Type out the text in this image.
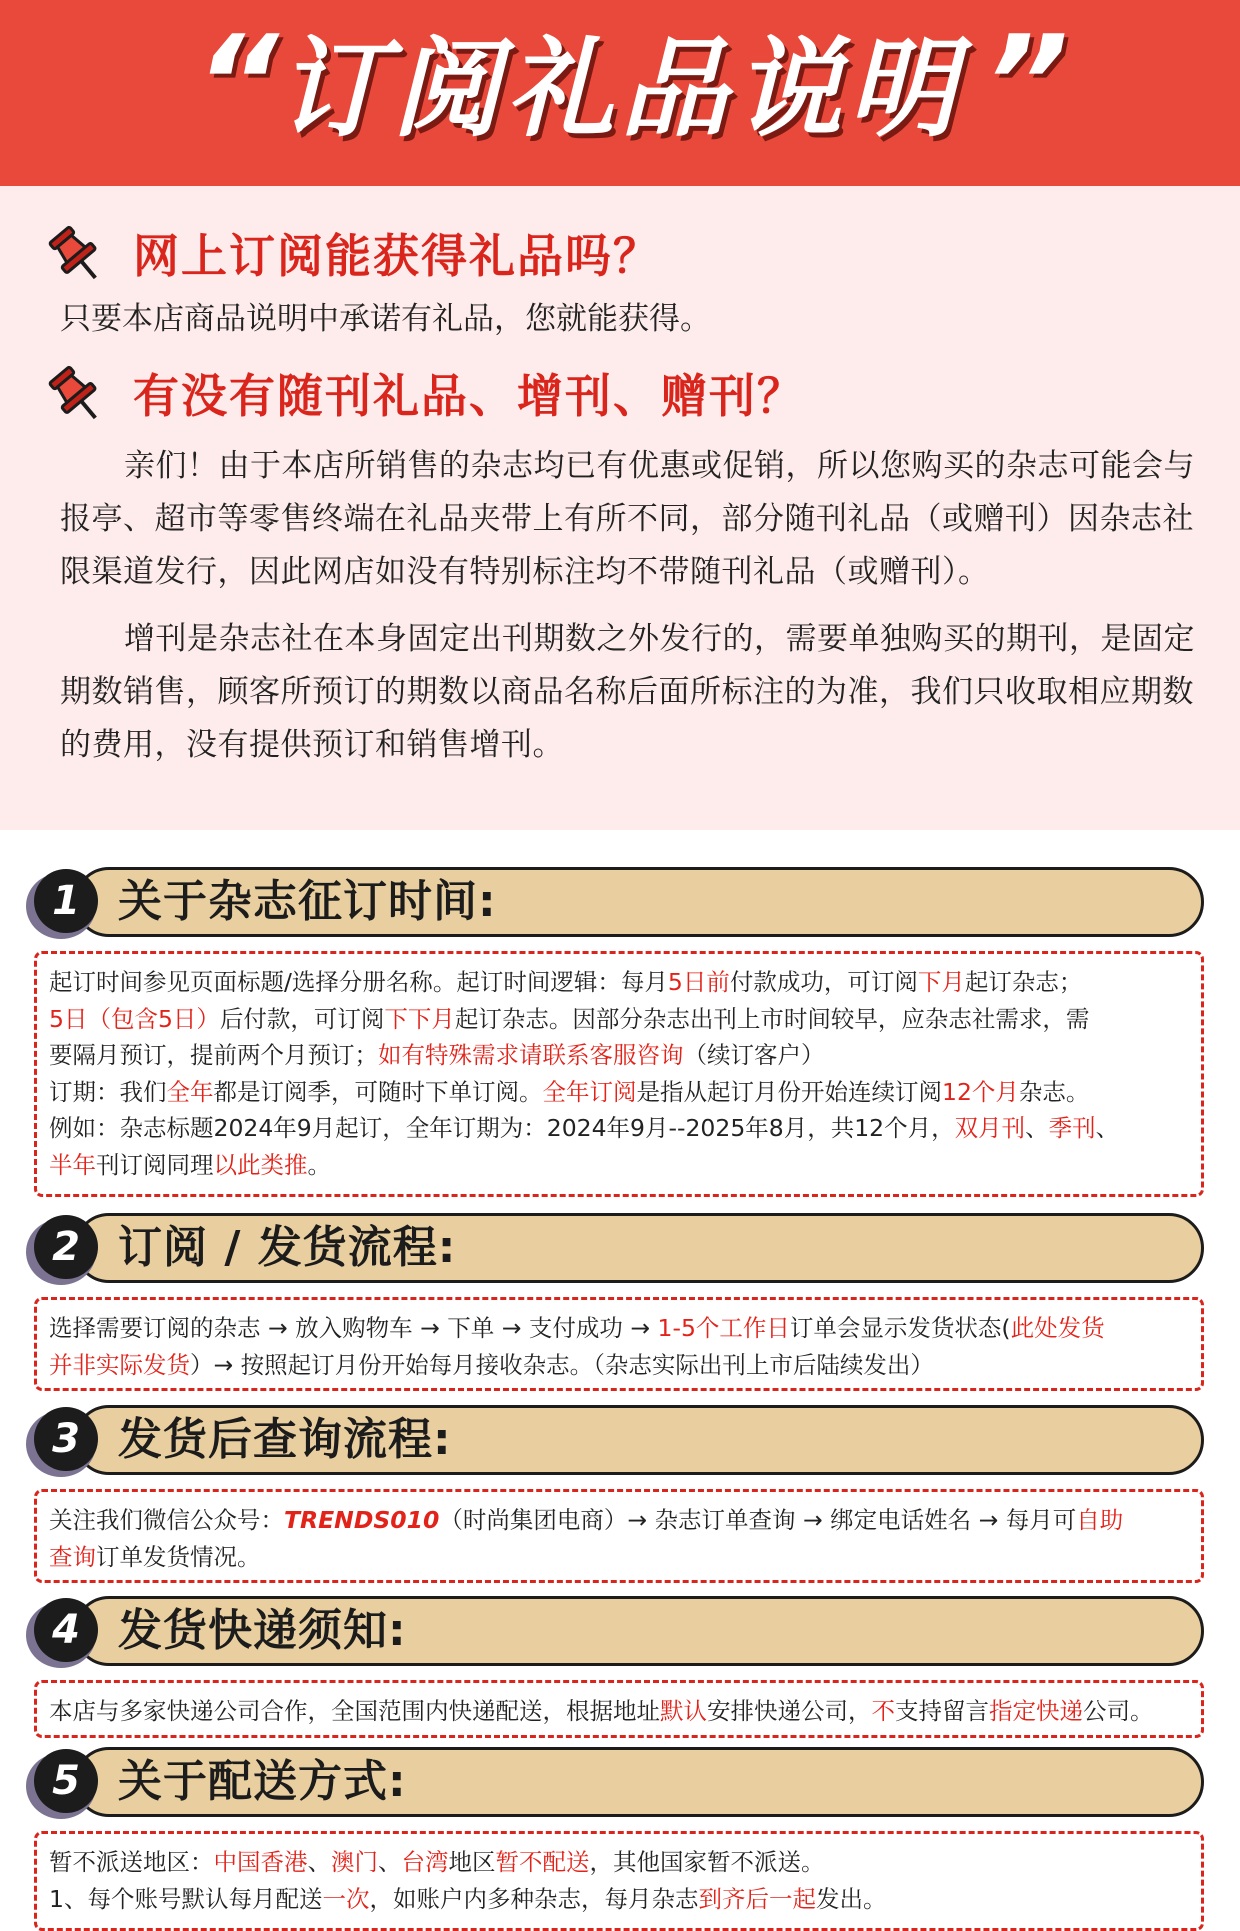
“ 订阅礼品说明 ”
网上订阅能获得礼品吗？
只要本店商品说明中承诺有礼品，您就能获得。
有没有随刊礼品、增刊、赠刊？
亲们！由于本店所销售的杂志均已有优惠或促销，所以您购买的杂志可能会与报亭、超市等零售终端在礼品夹带上有所不同，部分随刊礼品（或赠刊）因杂志社限渠道发行，因此网店如没有特别标注均不带随刊礼品（或赠刊）。
增刊是杂志社在本身固定出刊期数之外发行的，需要单独购买的期刊，是固定期数销售，顾客所预订的期数以商品名称后面所标注的为准，我们只收取相应期数的费用，没有提供预订和销售增刊。
1 关于杂志征订时间:
起订时间参见页面标题/选择分册名称。起订时间逻辑：每月5日前付款成功，可订阅下月起订杂志；
5日（包含5日）后付款，可订阅下下月起订杂志。因部分杂志出刊上市时间较早，应杂志社需求，需
要隔月预订，提前两个月预订；如有特殊需求请联系客服咨询（续订客户）
订期：我们全年都是订阅季，可随时下单订阅。全年订阅是指从起订月份开始连续订阅12个月杂志。
例如：杂志标题2024年9月起订，全年订期为：2024年9月--2025年8月，共12个月，双月刊、季刊、
半年刊订阅同理以此类推。
2 订阅 / 发货流程:
选择需要订阅的杂志 → 放入购物车 → 下单 → 支付成功 → 1-5个工作日订单会显示发货状态(此处发货
并非实际发货）→ 按照起订月份开始每月接收杂志。（杂志实际出刊上市后陆续发出）
3 发货后查询流程:
关注我们微信公众号：TRENDS010（时尚集团电商）→ 杂志订单查询 → 绑定电话姓名 → 每月可自助
查询订单发货情况。
4 发货快递须知:
本店与多家快递公司合作，全国范围内快递配送，根据地址默认安排快递公司，不支持留言指定快递公司。
5 关于配送方式:
暂不派送地区：中国香港、澳门、台湾地区暂不配送，其他国家暂不派送。
1、每个账号默认每月配送一次，如账户内多种杂志，每月杂志到齐后一起发出。
